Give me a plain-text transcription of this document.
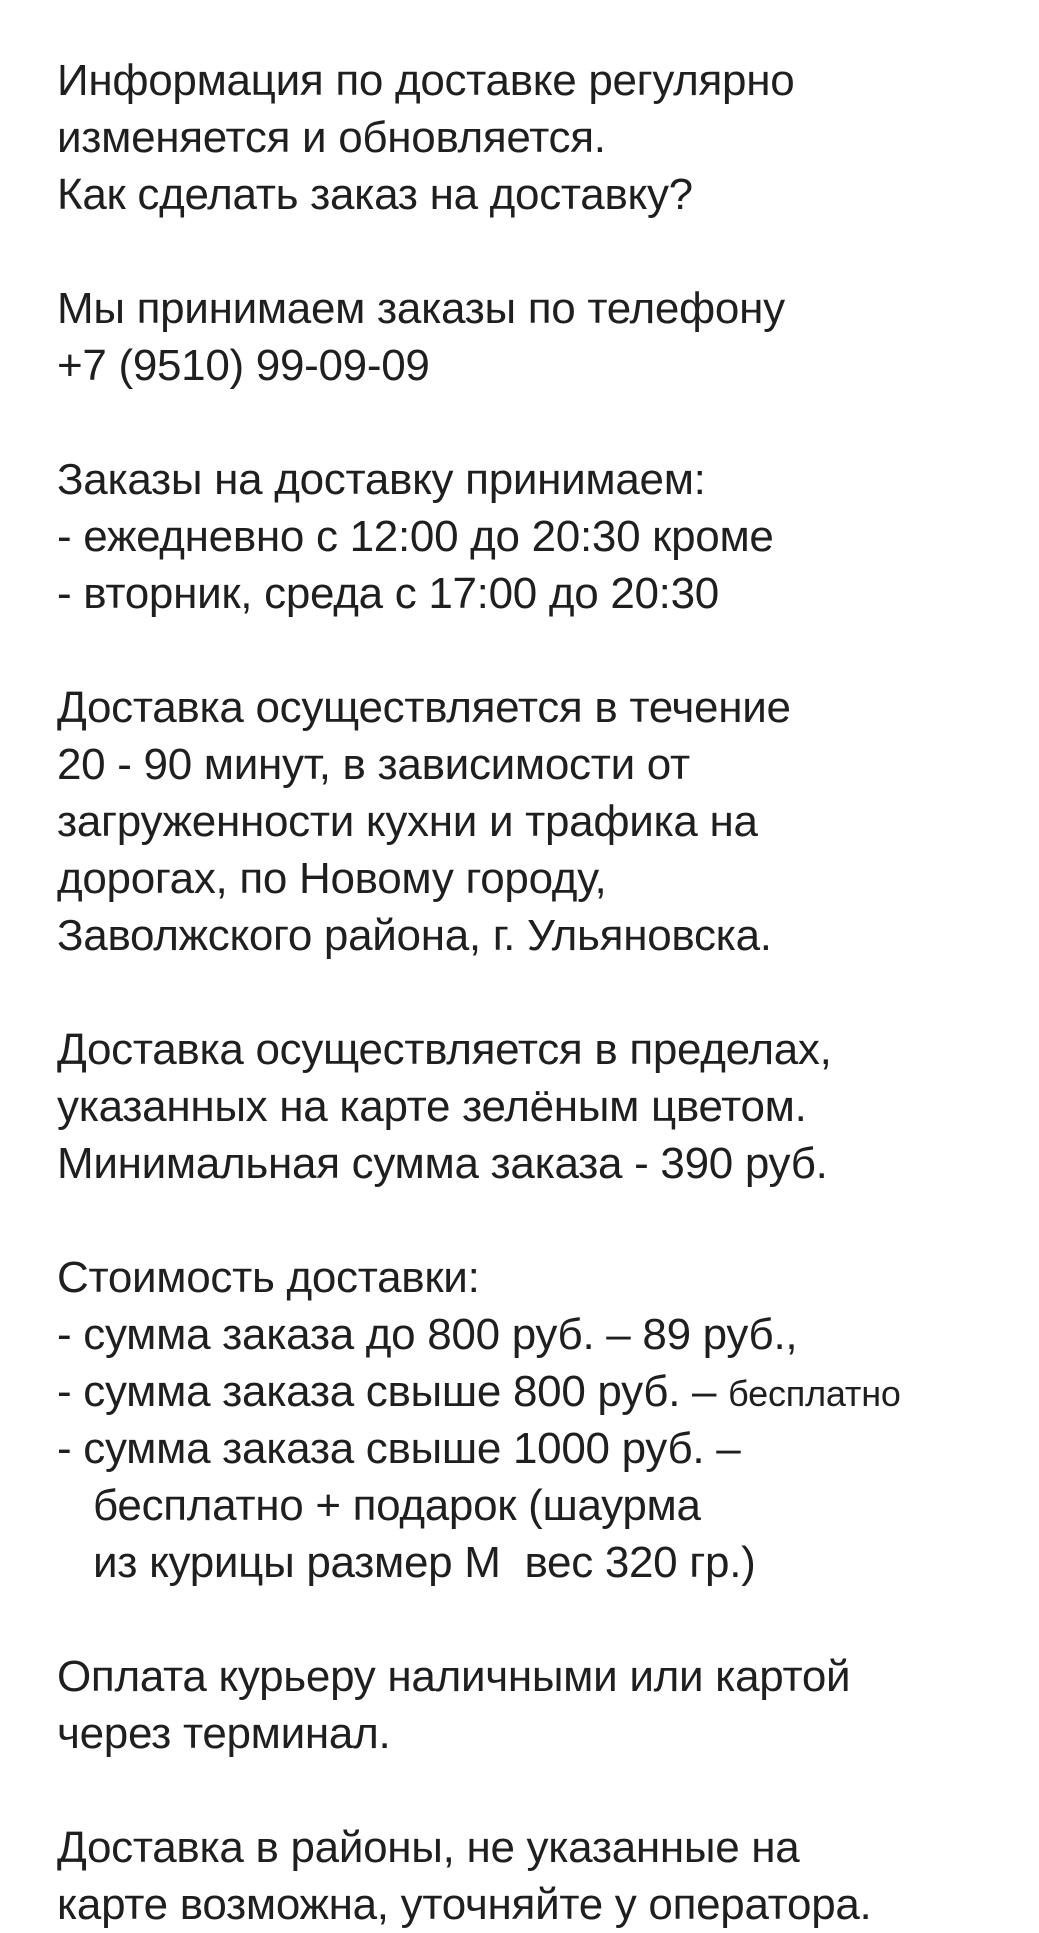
Информация по доставке регулярно
изменяется и обновляется.
Как сделать заказ на доставку?
Мы принимаем заказы по телефону
+7 (9510) 99-09-09
Заказы на доставку принимаем:
- ежедневно с 12:00 до 20:30 кроме
- вторник, среда с 17:00 до 20:30
Доставка осуществляется в течение
20 - 90 минут, в зависимости от
загруженности кухни и трафика на
дорогах, по Новому городу,
Заволжского района, г. Ульяновска.
Доставка осуществляется в пределах,
указанных на карте зелёным цветом.
Минимальная сумма заказа - 390 руб.
Стоимость доставки:
- сумма заказа до 800 руб. – 89 руб.,
- сумма заказа свыше 800 руб. – бесплатно
- сумма заказа свыше 1000 руб. –
бесплатно + подарок (шаурма
из курицы размер М  вес 320 гр.)
Оплата курьеру наличными или картой
через терминал.
Доставка в районы, не указанные на
карте возможна, уточняйте у оператора.
